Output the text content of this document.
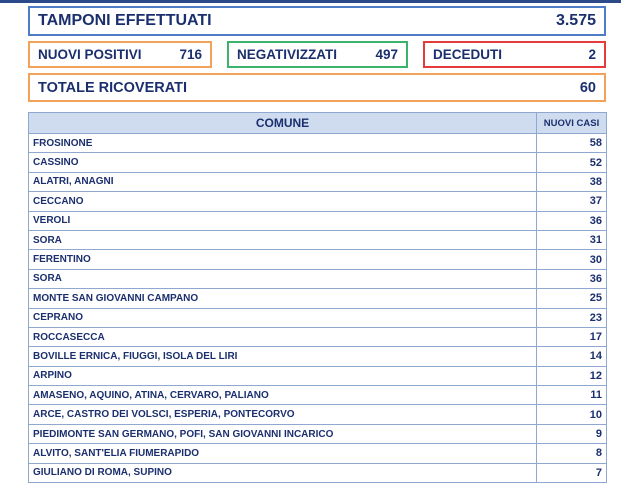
TAMPONI EFFETTUATI	3.575
NUOVI POSITIVI	716	NEGATIVIZZATI	497	DECEDUTI	2
TOTALE RICOVERATI	60
COMUNE	NUOVI CASI
FROSINONE	58
CASSINO	52
ALATRI, ANAGNI	38
CECCANO	37
VEROLI	36
SORA	31
FERENTINO	30
SORA	36
MONTE SAN GIOVANNI CAMPANO	25
CEPRANO	23
ROCCASECCA	17
BOVILLE ERNICA, FIUGGI, ISOLA DEL LIRI	14
ARPINO	12
AMASENO, AQUINO, ATINA, CERVARO, PALIANO	11
ARCE, CASTRO DEI VOLSCI, ESPERIA, PONTECORVO	10
PIEDIMONTE SAN GERMANO, POFI, SAN GIOVANNI INCARICO	9
ALVITO, SANT'ELIA FIUMERAPIDO	8
GIULIANO DI ROMA, SUPINO	7
